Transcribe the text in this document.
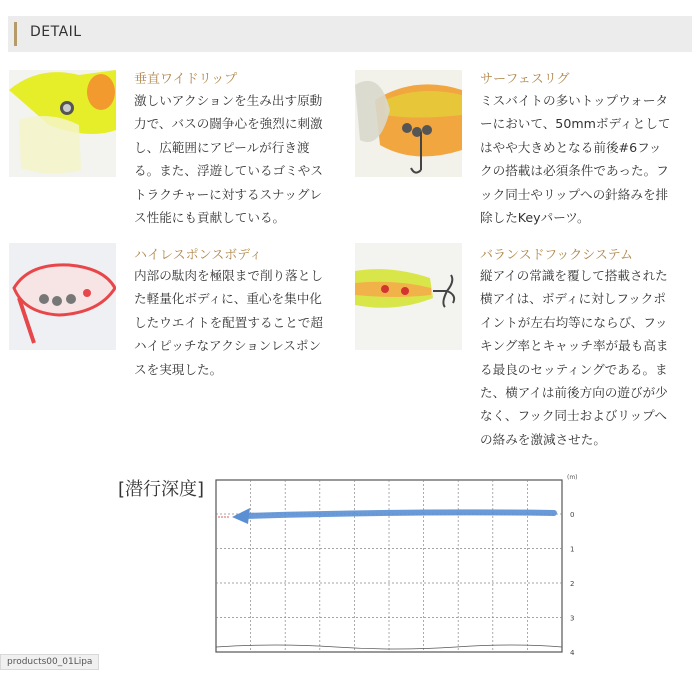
DETAIL
垂直ワイドリップ
激しいアクションを生み出す原動
力で、バスの闘争心を強烈に刺激
し、広範囲にアピールが行き渡
る。また、浮遊しているゴミやス
トラクチャーに対するスナッグレ
ス性能にも貢献している。
サーフェスリグ
ミスバイトの多いトップウォータ
ーにおいて、50mmボディとして
はやや大きめとなる前後#6フッ
クの搭載は必須条件であった。フ
ック同士やリップへの針絡みを排
除したKeyパーツ。
ハイレスポンスボディ
内部の駄肉を極限まで削り落とし
た軽量化ボディに、重心を集中化
したウエイトを配置することで超
ハイピッチなアクションレスポン
スを実現した。
バランスドフックシステム
縦アイの常識を覆して搭載された
横アイは、ボディに対しフックポ
イントが左右均等にならび、フッ
キング率とキャッチ率が最も高ま
る最良のセッティングである。ま
た、横アイは前後方向の遊びが少
なく、フック同士およびリップへ
の絡みを激減させた。
[潜行深度]
0
1
2
3
4
(m)
products00_01Lipa
